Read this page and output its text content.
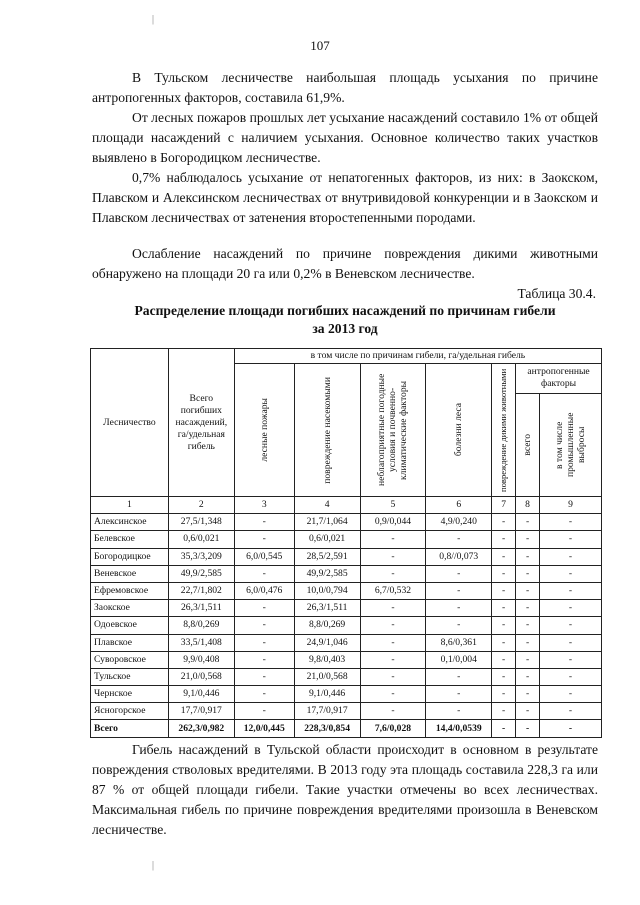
107

В Тульском лесничестве наибольшая площадь усыхания по причине антропогенных факторов, составила 61,9%.

От лесных пожаров прошлых лет усыхание насаждений составило 1% от общей площади насаждений с наличием усыхания. Основное количество таких участков выявлено в Богородицком лесничестве.

0,7% наблюдалось усыхание от непатогенных факторов, из них: в Заокском, Плавском и Алексинском лесничествах от внутривидовой конкуренции и в Заокском и Плавском лесничествах от затенения второстепенными породами.

Ослабление насаждений по причине повреждения дикими животными обнаружено на площади 20 га или 0,2% в Веневском лесничестве.

Таблица 30.4.
Распределение площади погибших насаждений по причинам гибели
за 2013 год
Лесничество	Всего погибших насаждений, га/удельная гибель	в том числе по причинам гибели, га/удельная гибель						

		лесные пожары	повреждение насекомыми	неблагоприятные погодные условия и почвенно-климатические факторы	болезни леса	повреждение дикими животными	антропогенные факторы	

							всего	в том числе промышленные выбросы

1	2	3	4	5	6	7	8	9
Алексинское	27,5/1,348	-	21,7/1,064	0,9/0,044	4,9/0,240	-	-	-
Белевское	0,6/0,021	-	0,6/0,021	-	-	-	-	-
Богородицкое	35,3/3,209	6,0/0,545	28,5/2,591	-	0,8//0,073	-	-	-
Веневское	49,9/2,585	-	49,9/2,585	-	-	-	-	-
Ефремовское	22,7/1,802	6,0/0,476	10,0/0,794	6,7/0,532	-	-	-	-
Заокское	26,3/1,511	-	26,3/1,511	-	-	-	-	-
Одоевское	8,8/0,269	-	8,8/0,269	-	-	-	-	-
Плавское	33,5/1,408	-	24,9/1,046	-	8,6/0,361	-	-	-
Суворовское	9,9/0,408	-	9,8/0,403	-	0,1/0,004	-	-	-
Тульское	21,0/0,568	-	21,0/0,568	-	-	-	-	-
Чернское	9,1/0,446	-	9,1/0,446	-	-	-	-	-
Ясногорское	17,7/0,917	-	17,7/0,917	-	-	-	-	-
Всего	262,3/0,982	12,0/0,445	228,3/0,854	7,6/0,028	14,4/0,0539	-	-	-

Гибель насаждений в Тульской области происходит в основном в результате повреждения стволовых вредителями. В 2013 году эта площадь составила 228,3 га или 87 % от общей площади гибели. Такие участки отмечены во всех лесничествах. Максимальная гибель по причине повреждения вредителями произошла в Веневском лесничестве.

|
|
